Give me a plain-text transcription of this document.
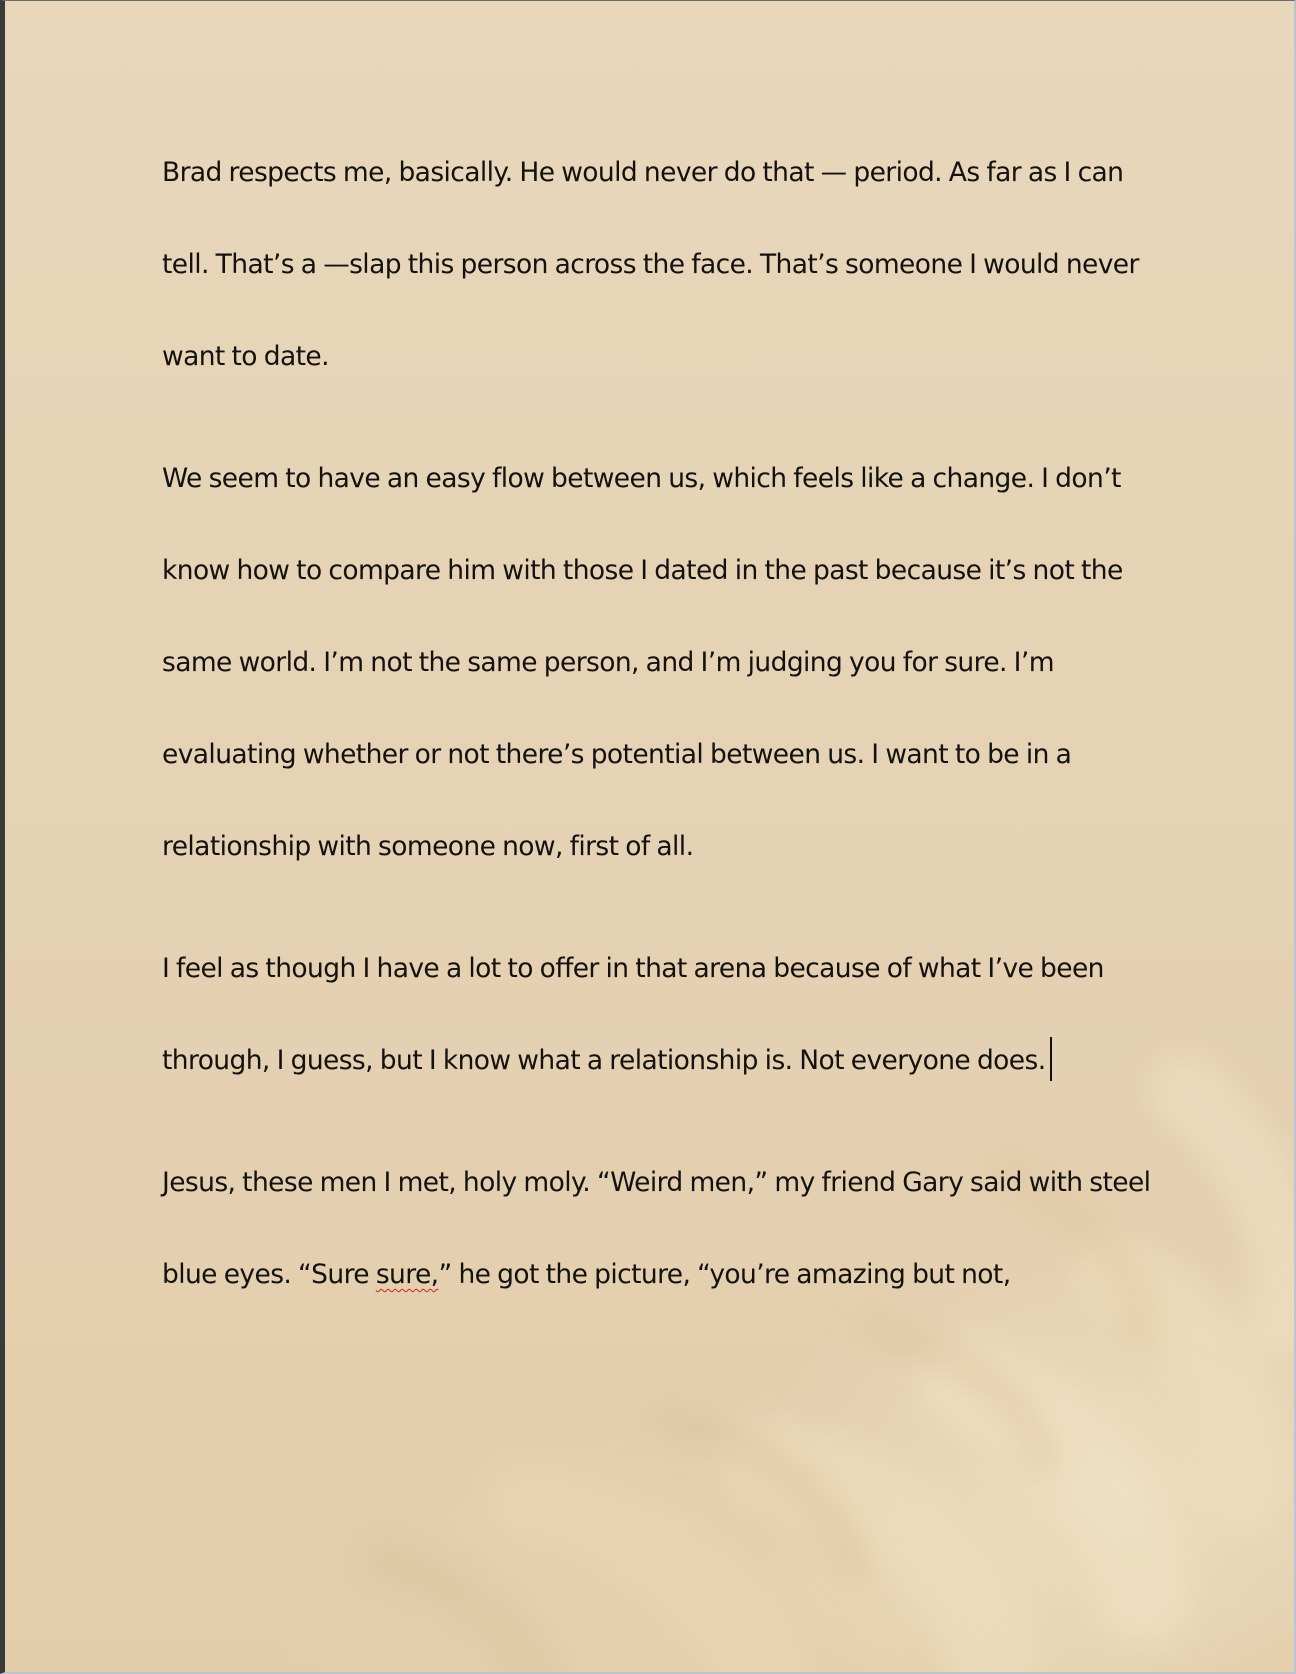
Brad respects me, basically. He would never do that — period. As far as I can tell. That’s a —slap this person across the face. That’s someone I would never want to date.

We seem to have an easy flow between us, which feels like a change. I don’t know how to compare him with those I dated in the past because it’s not the same world. I’m not the same person, and I’m judging you for sure. I’m evaluating whether or not there’s potential between us. I want to be in a relationship with someone now, first of all.

I feel as though I have a lot to offer in that arena because of what I’ve been through, I guess, but I know what a relationship is. Not everyone does.

Jesus, these men I met, holy moly. “Weird men,” my friend Gary said with steel blue eyes. “Sure sure,” he got the picture, “you’re amazing but not,
